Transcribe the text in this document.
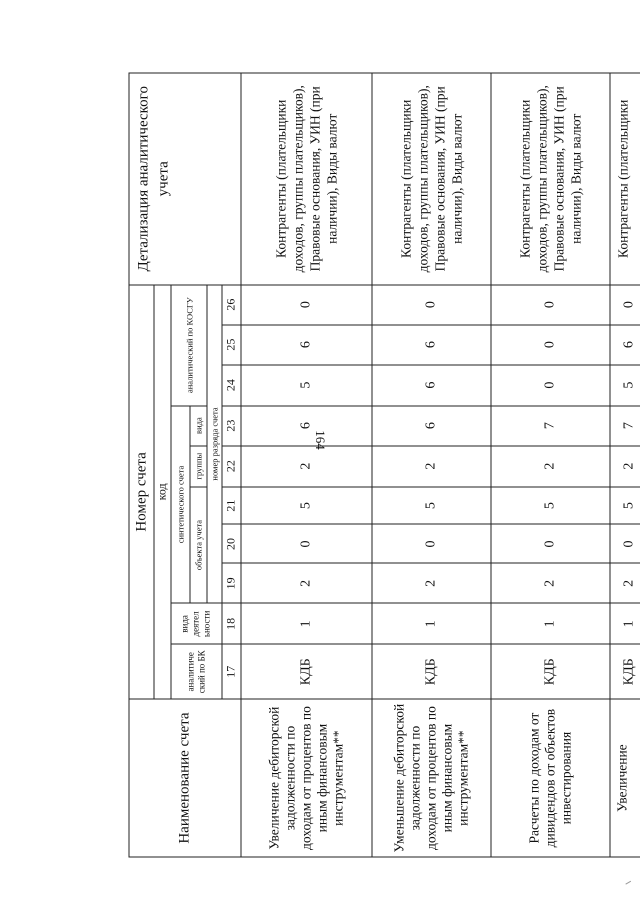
164
Наименование счета	Номер счета										Детализация аналитического учета
	код										
	аналитиче ский по БК	вида деятел ьности	синтетического счета					аналитический по КОСГУ			
			объекта учета			группы	вида				
			номер разряда счета								
	17	18	19	20	21	22	23	24	25	26	
Увеличение дебиторской задолженности по доходам от процентов по иным финансовым инструментам**	КДБ	1	2	0	5	2	6	5	6	0	Контрагенты (плательщики доходов, группы плательщиков), Правовые основания, УИН (при наличии), Виды валют
Уменьшение дебиторской задолженности по доходам от процентов по иным финансовым инструментам**	КДБ	1	2	0	5	2	6	6	6	0	Контрагенты (плательщики доходов, группы плательщиков), Правовые основания, УИН (при наличии), Виды валют
Расчеты по доходам от дивидендов от объектов инвестирования	КДБ	1	2	0	5	2	7	0	0	0	Контрагенты (плательщики доходов, группы плательщиков), Правовые основания, УИН (при наличии), Виды валют
Увеличение	КДБ	1	2	0	5	2	7	5	6	0	Контрагенты (плательщики
